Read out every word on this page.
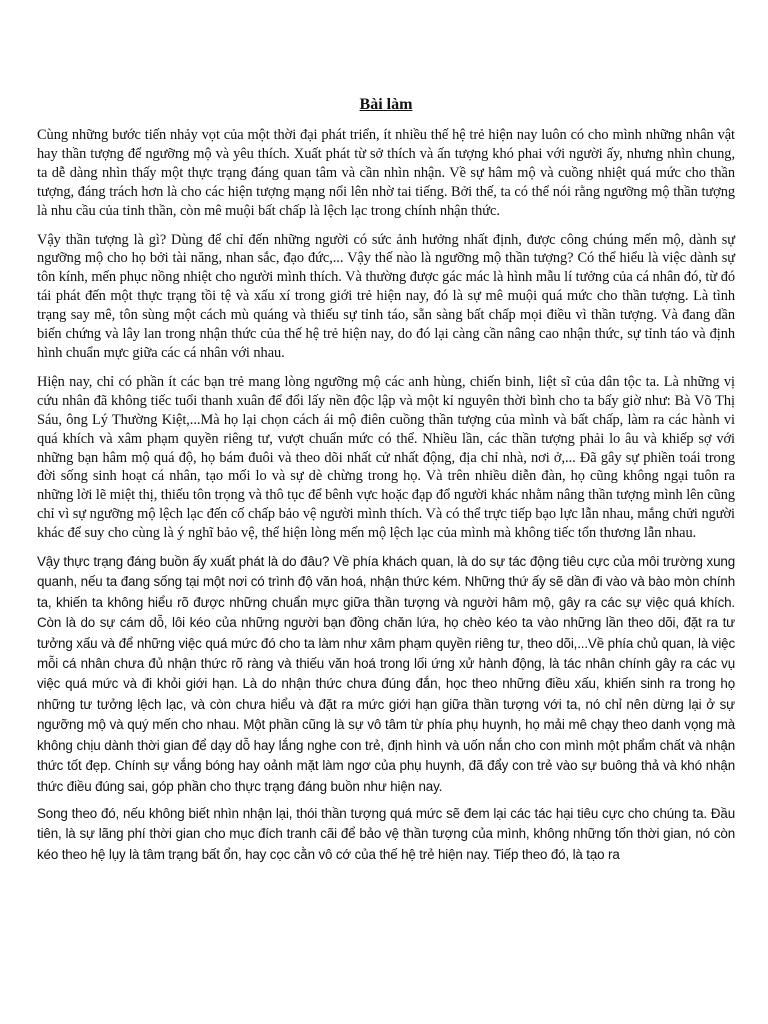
Bài làm

Cùng những bước tiến nhảy vọt của một thời đại phát triển, ít nhiều thế hệ trẻ hiện nay luôn có cho mình những nhân vật hay thần tượng để ngưỡng mộ và yêu thích. Xuất phát từ sở thích và ấn tượng khó phai với người ấy, nhưng nhìn chung, ta dễ dàng nhìn thấy một thực trạng đáng quan tâm và cần nhìn nhận. Về sự hâm mộ và cuồng nhiệt quá mức cho thần tượng, đáng trách hơn là cho các hiện tượng mạng nổi lên nhờ tai tiếng. Bởi thế, ta có thể nói rằng ngưỡng mộ thần tượng là nhu cầu của tinh thần, còn mê muội bất chấp là lệch lạc trong chính nhận thức.

Vậy thần tượng là gì? Dùng để chỉ đến những người có sức ảnh hưởng nhất định, được công chúng mến mộ, dành sự ngưỡng mộ cho họ bởi tài năng, nhan sắc, đạo đức,... Vậy thế nào là ngưỡng mộ thần tượng? Có thể hiểu là việc dành sự tôn kính, mến phục nồng nhiệt cho người mình thích. Và thường được gác mác là hình mẫu lí tưởng của cá nhân đó, từ đó tái phát đến một thực trạng tồi tệ và xấu xí trong giới trẻ hiện nay, đó là sự mê muội quá mức cho thần tượng. Là tình trạng say mê, tôn sùng một cách mù quáng và thiếu sự tỉnh táo, sẵn sàng bất chấp mọi điều vì thần tượng. Và đang dần biến chứng và lây lan trong nhận thức của thế hệ trẻ hiện nay, do đó lại càng cần nâng cao nhận thức, sự tỉnh táo và định hình chuẩn mực giữa các cá nhân với nhau.

Hiện nay, chỉ có phần ít các bạn trẻ mang lòng ngưỡng mộ các anh hùng, chiến binh, liệt sĩ của dân tộc ta. Là những vị cứu nhân đã không tiếc tuổi thanh xuân để đổi lấy nền độc lập và một kỉ nguyên thời bình cho ta bấy giờ như: Bà Võ Thị Sáu, ông Lý Thường Kiệt,...Mà họ lại chọn cách ái mộ điên cuồng thần tượng của mình và bất chấp, làm ra các hành vi quá khích và xâm phạm quyền riêng tư, vượt chuẩn mức có thể. Nhiều lần, các thần tượng phải lo âu và khiếp sợ với những bạn hâm mộ quá độ, họ bám đuôi và theo dõi nhất cử nhất động, địa chỉ nhà, nơi ở,... Đã gây sự phiền toái trong đời sống sinh hoạt cá nhân, tạo mối lo và sự dè chừng trong họ. Và trên nhiều diễn đàn, họ cũng không ngại tuôn ra những lời lẽ miệt thị, thiếu tôn trọng và thô tục để bênh vực hoặc đạp đổ người khác nhằm nâng thần tượng mình lên cũng chỉ vì sự ngưỡng mộ lệch lạc đến cố chấp bảo vệ người mình thích. Và có thể trực tiếp bạo lực lẫn nhau, mắng chửi người khác để suy cho cùng là ý nghĩ bảo vệ, thể hiện lòng mến mộ lệch lạc của mình mà không tiếc tổn thương lẫn nhau.

Vậy thực trạng đáng buồn ấy xuất phát là do đâu? Về phía khách quan, là do sự tác động tiêu cực của môi trường xung quanh, nếu ta đang sống tại một nơi có trình độ văn hoá, nhận thức kém. Những thứ ấy sẽ dần đi vào và bào mòn chính ta, khiến ta không hiểu rõ được những chuẩn mực giữa thần tượng và người hâm mộ, gây ra các sự việc quá khích. Còn là do sự cám dỗ, lôi kéo của những người bạn đồng chăn lứa, họ chèo kéo ta vào những lần theo dõi, đặt ra tư tưởng xấu và để những việc quá mức đó cho ta làm như xâm phạm quyền riêng tư, theo dõi,...Về phía chủ quan, là việc mỗi cá nhân chưa đủ nhận thức rõ ràng và thiếu văn hoá trong lối ứng xử hành động, là tác nhân chính gây ra các vụ việc quá mức và đi khỏi giới hạn. Là do nhận thức chưa đúng đắn, học theo những điều xấu, khiến sinh ra trong họ những tư tưởng lệch lạc, và còn chưa hiểu và đặt ra mức giới hạn giữa thần tượng với ta, nó chỉ nên dừng lại ở sự ngưỡng mộ và quý mến cho nhau. Một phần cũng là sự vô tâm từ phía phụ huynh, họ mải mê chạy theo danh vọng mà không chịu dành thời gian để dạy dỗ hay lắng nghe con trẻ, định hình và uốn nắn cho con mình một phẩm chất và nhận thức tốt đẹp. Chính sự vắng bóng hay oảnh mặt làm ngơ của phụ huynh, đã đẩy con trẻ vào sự buông thả và khó nhận thức điều đúng sai, góp phần cho thực trạng đáng buồn như hiện nay.

Song theo đó, nếu không biết nhìn nhận lại, thói thần tượng quá mức sẽ đem lại các tác hại tiêu cực cho chúng ta. Đầu tiên, là sự lãng phí thời gian cho mục đích tranh cãi để bảo vệ thần tượng của mình, không những tốn thời gian, nó còn kéo theo hệ lụy là tâm trạng bất ổn, hay cọc cằn vô cớ của thế hệ trẻ hiện nay. Tiếp theo đó, là tạo ra
